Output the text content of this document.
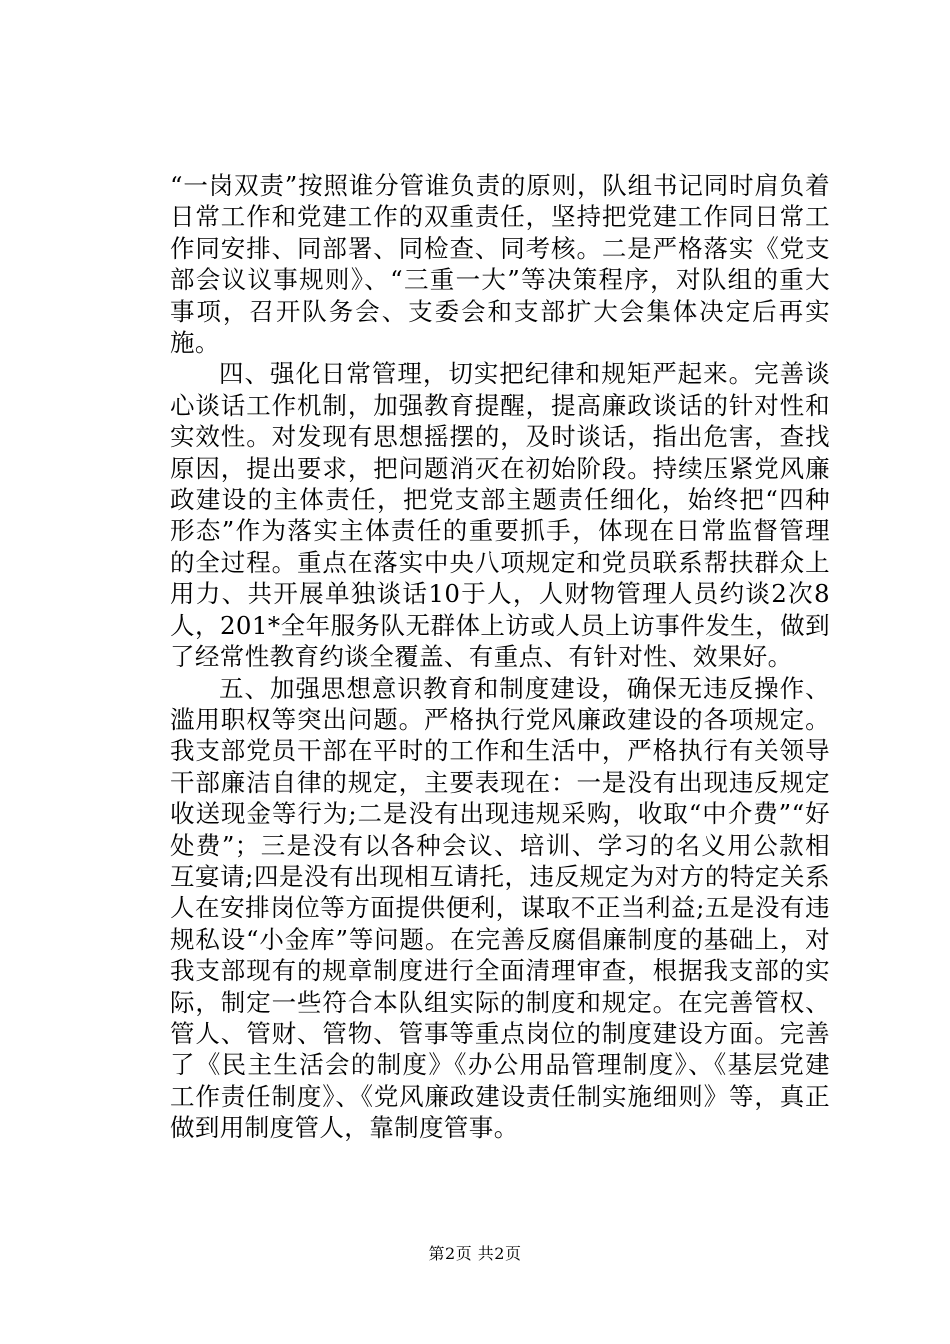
“一岗双责”按照谁分管谁负责的原则，队组书记同时肩负着日常工作和党建工作的双重责任，坚持把党建工作同日常工作同安排、同部署、同检查、同考核。二是严格落实《党支部会议议事规则》、“三重一大”等决策程序，对队组的重大事项，召开队务会、支委会和支部扩大会集体决定后再实施。

四、强化日常管理，切实把纪律和规矩严起来。完善谈心谈话工作机制，加强教育提醒，提高廉政谈话的针对性和实效性。对发现有思想摇摆的，及时谈话，指出危害，查找原因，提出要求，把问题消灭在初始阶段。持续压紧党风廉政建设的主体责任，把党支部主题责任细化，始终把“四种形态”作为落实主体责任的重要抓手，体现在日常监督管理的全过程。重点在落实中央八项规定和党员联系帮扶群众上用力、共开展单独谈话10于人，人财物管理人员约谈2次8人，201*全年服务队无群体上访或人员上访事件发生，做到了经常性教育约谈全覆盖、有重点、有针对性、效果好。

五、加强思想意识教育和制度建设，确保无违反操作、滥用职权等突出问题。严格执行党风廉政建设的各项规定。我支部党员干部在平时的工作和生活中，严格执行有关领导干部廉洁自律的规定，主要表现在：一是没有出现违反规定收送现金等行为;二是没有出现违规采购，收取“中介费”“好处费”；三是没有以各种会议、培训、学习的名义用公款相互宴请;四是没有出现相互请托，违反规定为对方的特定关系人在安排岗位等方面提供便利，谋取不正当利益;五是没有违规私设“小金库”等问题。在完善反腐倡廉制度的基础上，对我支部现有的规章制度进行全面清理审查，根据我支部的实际，制定一些符合本队组实际的制度和规定。在完善管权、管人、管财、管物、管事等重点岗位的制度建设方面。完善了《民主生活会的制度》《办公用品管理制度》、《基层党建工作责任制度》、《党风廉政建设责任制实施细则》等，真正做到用制度管人，靠制度管事。

第2页 共2页
